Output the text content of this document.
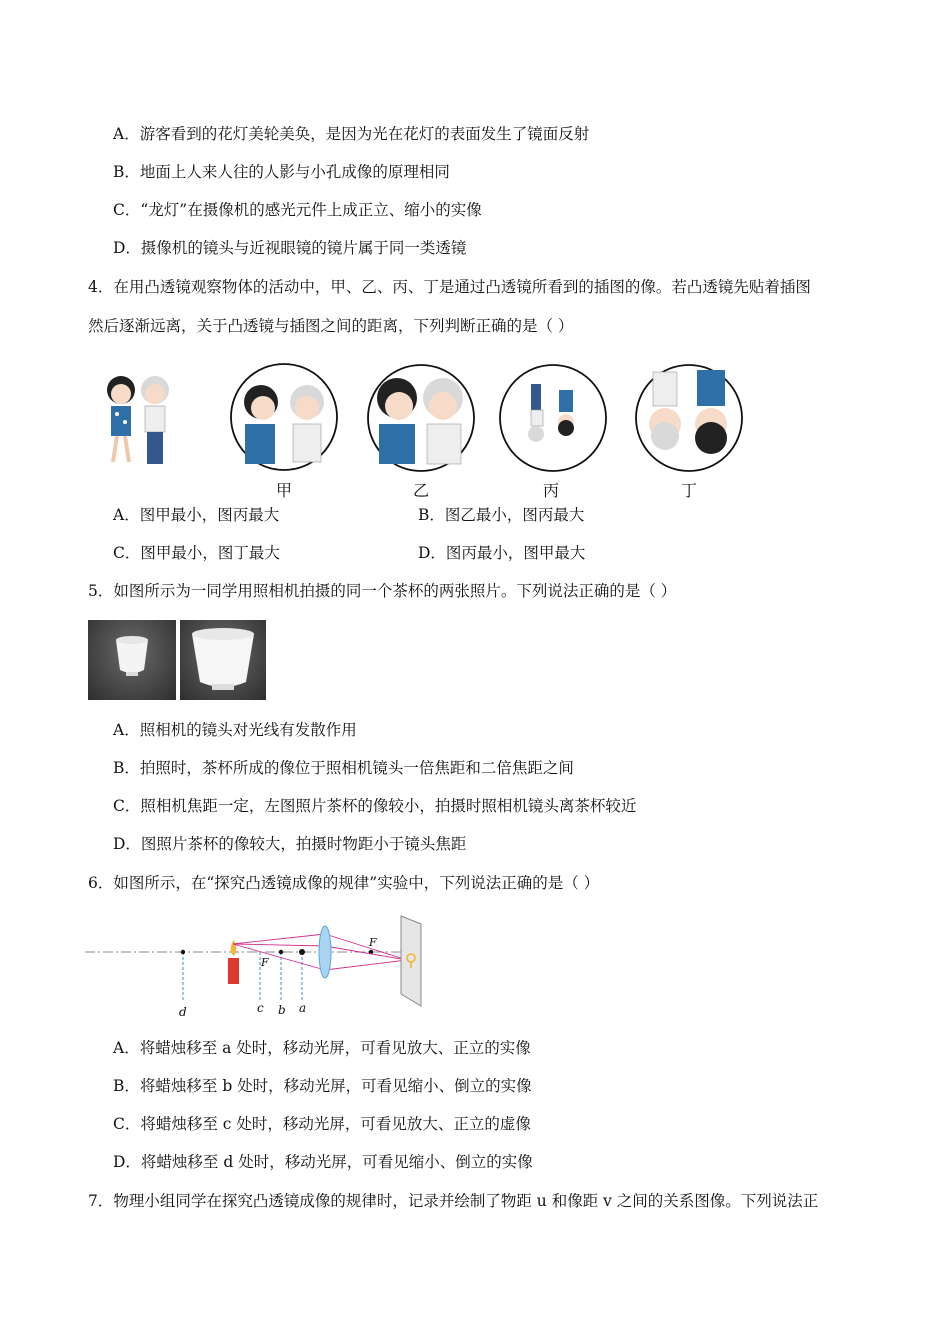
A．游客看到的花灯美轮美奂，是因为光在花灯的表面发生了镜面反射
B．地面上人来人往的人影与小孔成像的原理相同
C．“龙灯”在摄像机的感光元件上成正立、缩小的实像
D．摄像机的镜头与近视眼镜的镜片属于同一类透镜
4．在用凸透镜观察物体的活动中，甲、乙、丙、丁是通过凸透镜所看到的插图的像。若凸透镜先贴着插图
然后逐渐远离，关于凸透镜与插图之间的距离，下列判断正确的是（ ）
甲	乙	丙	丁
A．图甲最小，图丙最大	B．图乙最小，图丙最大
C．图甲最小，图丁最大	D．图丙最小，图甲最大
5．如图所示为一同学用照相机拍摄的同一个茶杯的两张照片。下列说法正确的是（ ）
A．照相机的镜头对光线有发散作用
B．拍照时，茶杯所成的像位于照相机镜头一倍焦距和二倍焦距之间
C．照相机焦距一定，左图照片茶杯的像较小，拍摄时照相机镜头离茶杯较近
D．图照片茶杯的像较大，拍摄时物距小于镜头焦距
6．如图所示，在“探究凸透镜成像的规律”实验中，下列说法正确的是（ ）
F
F
d	c b a
A．将蜡烛移至 a 处时，移动光屏，可看见放大、正立的实像
B．将蜡烛移至 b 处时，移动光屏，可看见缩小、倒立的实像
C．将蜡烛移至 c 处时，移动光屏，可看见放大、正立的虚像
D．将蜡烛移至 d 处时，移动光屏，可看见缩小、倒立的实像
7．物理小组同学在探究凸透镜成像的规律时，记录并绘制了物距 u 和像距 v 之间的关系图像。下列说法正
